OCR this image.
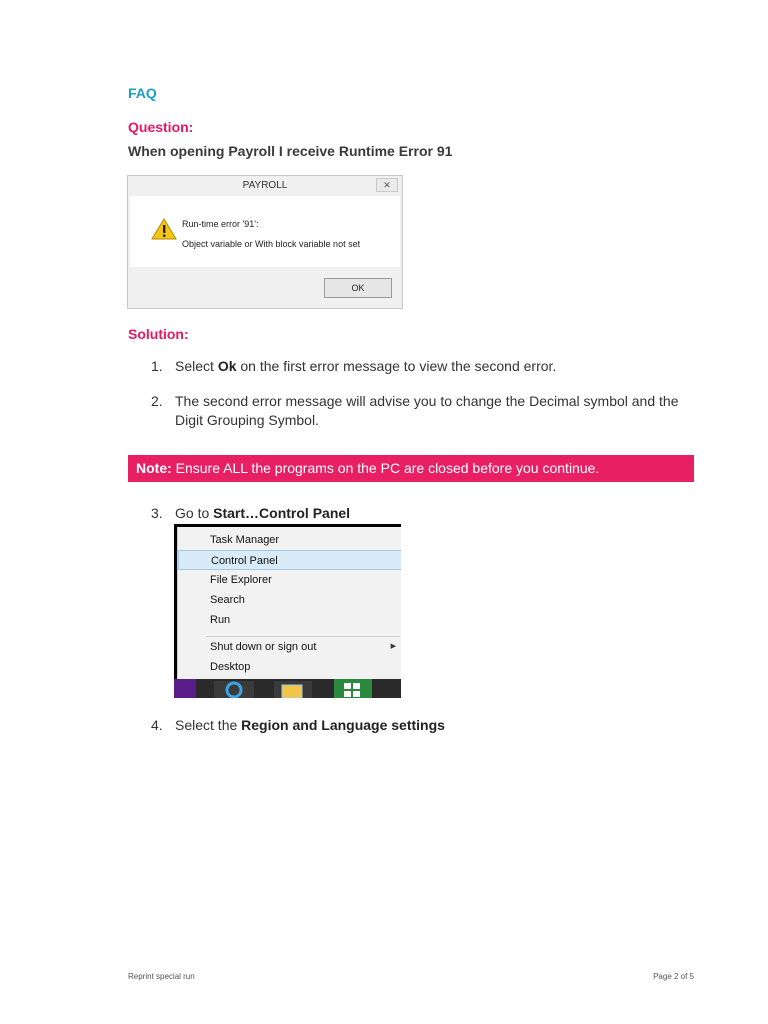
FAQ
Question:
When opening Payroll I receive Runtime Error 91
PAYROLL	✕
Run-time error '91':
Object variable or With block variable not set
OK
Solution:
1. Select Ok on the first error message to view the second error.
2. The second error message will advise you to change the Decimal symbol and the
Digit Grouping Symbol.
Note: Ensure ALL the programs on the PC are closed before you continue.
3. Go to Start…Control Panel
Task Manager
Control Panel
File Explorer
Search
Run
Shut down or sign out	▶
Desktop
4. Select the Region and Language settings
Reprint special run	Page 2 of 5
